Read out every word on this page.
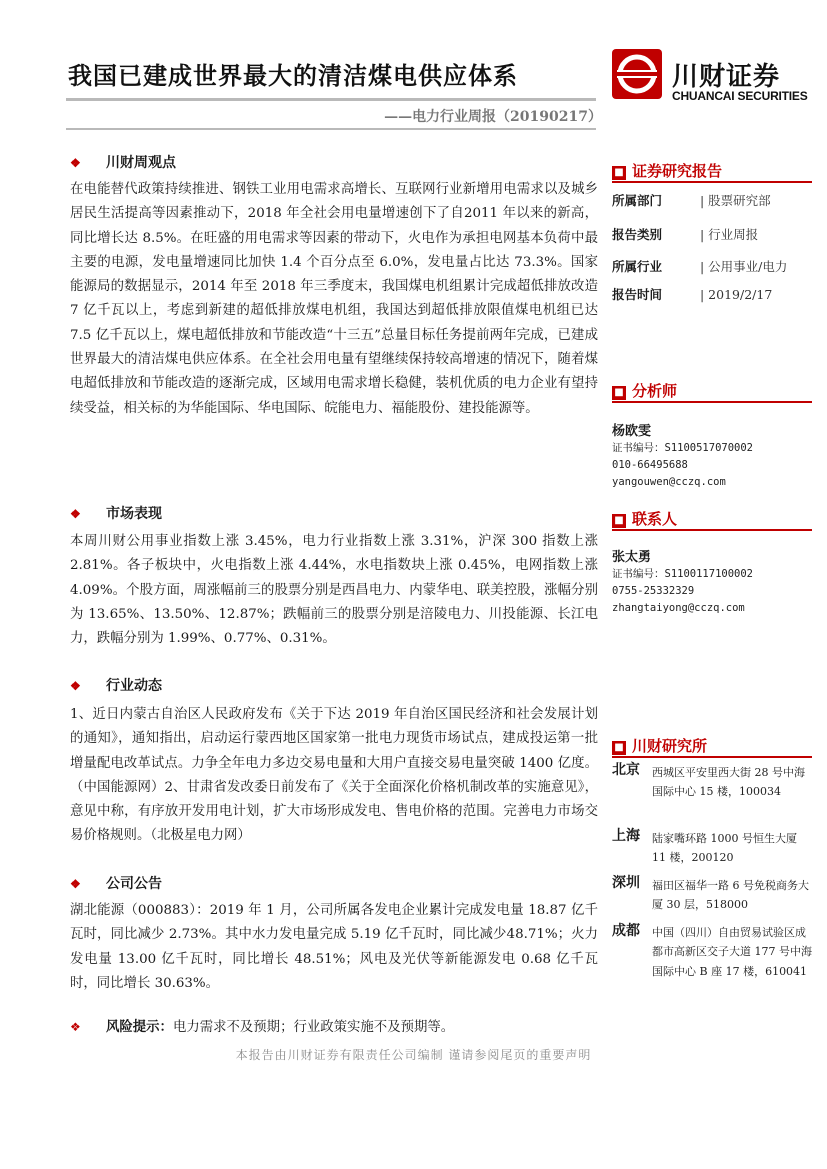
我国已建成世界最大的清洁煤电供应体系
——电力行业周报（20190217）
川财证券
CHUANCAI SECURITIES
❖ 川财周观点
在电能替代政策持续推进、钢铁工业用电需求高增长、互联网行业新增用电需求以及城乡居民生活提高等因素推动下，2018 年全社会用电量增速创下了自2011 年以来的新高，同比增长达 8.5%。在旺盛的用电需求等因素的带动下，火电作为承担电网基本负荷中最主要的电源，发电量增速同比加快 1.4 个百分点至 6.0%，发电量占比达 73.3%。国家能源局的数据显示，2014 年至 2018 年三季度末，我国煤电机组累计完成超低排放改造 7 亿千瓦以上，考虑到新建的超低排放煤电机组，我国达到超低排放限值煤电机组已达 7.5 亿千瓦以上，煤电超低排放和节能改造“十三五”总量目标任务提前两年完成，已建成世界最大的清洁煤电供应体系。在全社会用电量有望继续保持较高增速的情况下，随着煤电超低排放和节能改造的逐渐完成，区域用电需求增长稳健，装机优质的电力企业有望持续受益，相关标的为华能国际、华电国际、皖能电力、福能股份、建投能源等。
❖ 市场表现
本周川财公用事业指数上涨 3.45%，电力行业指数上涨 3.31%，沪深 300 指数上涨 2.81%。各子板块中，火电指数上涨 4.44%，水电指数块上涨 0.45%，电网指数上涨 4.09%。个股方面，周涨幅前三的股票分别是西昌电力、内蒙华电、联美控股，涨幅分别为 13.65%、13.50%、12.87%；跌幅前三的股票分别是涪陵电力、川投能源、长江电力，跌幅分别为 1.99%、0.77%、0.31%。
❖ 行业动态
1、近日内蒙古自治区人民政府发布《关于下达 2019 年自治区国民经济和社会发展计划的通知》，通知指出，启动运行蒙西地区国家第一批电力现货市场试点，建成投运第一批增量配电改革试点。力争全年电力多边交易电量和大用户直接交易电量突破 1400 亿度。（中国能源网）2、甘肃省发改委日前发布了《关于全面深化价格机制改革的实施意见》，意见中称，有序放开发用电计划，扩大市场形成发电、售电价格的范围。完善电力市场交易价格规则。（北极星电力网）
❖ 公司公告
湖北能源（000883）：2019 年 1 月，公司所属各发电企业累计完成发电量 18.87 亿千瓦时，同比减少 2.73%。其中水力发电量完成 5.19 亿千瓦时，同比减少48.71%；火力发电量 13.00 亿千瓦时，同比增长 48.51%；风电及光伏等新能源发电 0.68 亿千瓦时，同比增长 30.63%。
❖ 风险提示：电力需求不及预期；行业政策实施不及预期等。
本报告由川财证券有限责任公司编制 谨请参阅尾页的重要声明
■ 证券研究报告
所属部门	| 股票研究部
报告类别	| 行业周报
所属行业	| 公用事业/电力
报告时间	| 2019/2/17
■ 分析师
杨欧雯
证书编号：S1100517070002
010-66495688
yangouwen@cczq.com
■ 联系人
张太勇
证书编号：S1100117100002
0755-25332329
zhangtaiyong@cczq.com
■ 川财研究所
北京 西城区平安里西大街 28 号中海国际中心 15 楼，100034
上海 陆家嘴环路 1000 号恒生大厦 11 楼，200120
深圳 福田区福华一路 6 号免税商务大厦 30 层，518000
成都 中国（四川）自由贸易试验区成都市高新区交子大道 177 号中海国际中心 B 座 17 楼，610041
